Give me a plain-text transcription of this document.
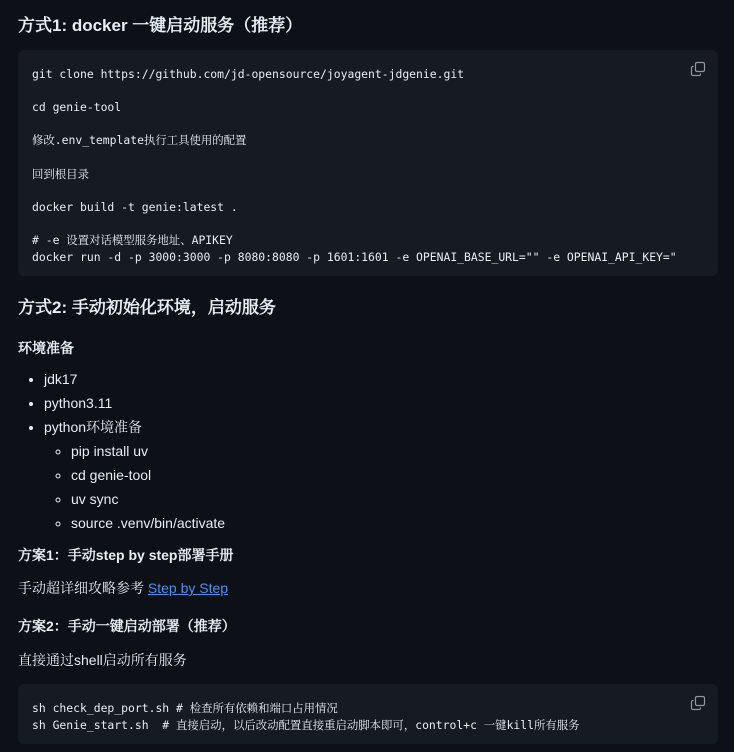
方式1: docker 一键启动服务（推荐）
git clone https://github.com/jd-opensource/joyagent-jdgenie.git

cd genie-tool

修改.env_template执行工具使用的配置

回到根目录

docker build -t genie:latest .

# -e 设置对话模型服务地址、APIKEY
docker run -d -p 3000:3000 -p 8080:8080 -p 1601:1601 -e OPENAI_BASE_URL="" -e OPENAI_API_KEY="
方式2: 手动初始化环境，启动服务
环境准备
• jdk17
• python3.11
• python环境准备
◦ pip install uv
◦ cd genie-tool
◦ uv sync
◦ source .venv/bin/activate
方案1：手动step by step部署手册

手动超详细攻略参考 Step by Step

方案2：手动一键启动部署（推荐）

直接通过shell启动所有服务

sh check_dep_port.sh # 检查所有依赖和端口占用情况
sh Genie_start.sh  # 直接启动，以后改动配置直接重启动脚本即可，control+c 一键kill所有服务
